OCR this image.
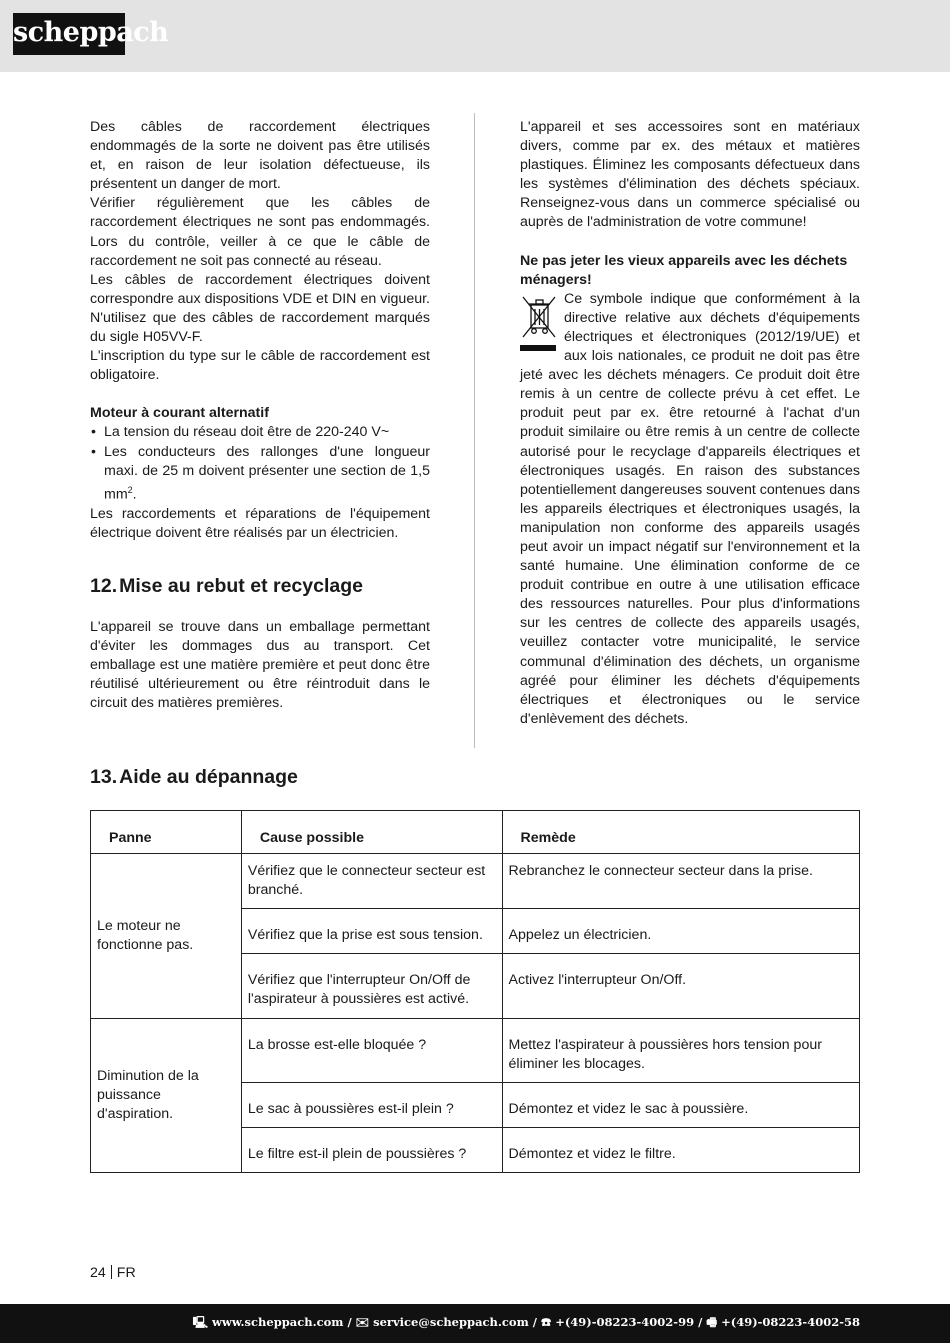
scheppach

Des câbles de raccordement électriques endommagés de la sorte ne doivent pas être utilisés et, en raison de leur isolation défectueuse, ils présentent un danger de mort.

Vérifier régulièrement que les câbles de raccordement électriques ne sont pas endommagés. Lors du contrôle, veiller à ce que le câble de raccordement ne soit pas connecté au réseau.

Les câbles de raccordement électriques doivent correspondre aux dispositions VDE et DIN en vigueur. N'utilisez que des câbles de raccordement marqués du sigle H05VV-F.

L'inscription du type sur le câble de raccordement est obligatoire.

Moteur à courant alternatif

• La tension du réseau doit être de 220-240 V~
• Les conducteurs des rallonges d'une longueur maxi. de 25 m doivent présenter une section de 1,5 $mm^2$.

Les raccordements et réparations de l'équipement électrique doivent être réalisés par un électricien.

12. Mise au rebut et recyclage

L'appareil se trouve dans un emballage permettant d'éviter les dommages dus au transport. Cet emballage est une matière première et peut donc être réutilisé ultérieurement ou être réintroduit dans le circuit des matières premières.

L'appareil et ses accessoires sont en matériaux divers, comme par ex. des métaux et matières plastiques. Éliminez les composants défectueux dans les systèmes d'élimination des déchets spéciaux. Renseignez-vous dans un commerce spécialisé ou auprès de l'administration de votre commune!

Ne pas jeter les vieux appareils avec les déchets ménagers!

Ce symbole indique que conformément à la directive relative aux déchets d'équipements électriques et électroniques (2012/19/UE) et aux lois nationales, ce produit ne doit pas être jeté avec les déchets ménagers. Ce produit doit être remis à un centre de collecte prévu à cet effet. Le produit peut par ex. être retourné à l'achat d'un produit similaire ou être remis à un centre de collecte autorisé pour le recyclage d'appareils électriques et électroniques usagés. En raison des substances potentiellement dangereuses souvent contenues dans les appareils électriques et électroniques usagés, la manipulation non conforme des appareils usagés peut avoir un impact négatif sur l'environnement et la santé humaine. Une élimination conforme de ce produit contribue en outre à une utilisation efficace des ressources naturelles. Pour plus d'informations sur les centres de collecte des appareils usagés, veuillez contacter votre municipalité, le service communal d'élimination des déchets, un organisme agréé pour éliminer les déchets d'équipements électriques et électroniques ou le service d'enlèvement des déchets.

13. Aide au dépannage
Panne	Cause possible	Remède
Le moteur ne fonctionne pas.	Vérifiez que le connecteur secteur est branché.	Rebranchez le connecteur secteur dans la prise.
	Vérifiez que la prise est sous tension.	Appelez un électricien.
	Vérifiez que l'interrupteur On/Off de l'aspirateur à poussières est activé.	Activez l'interrupteur On/Off.
Diminution de la puissance d'aspiration.	La brosse est-elle bloquée ?	Mettez l'aspirateur à poussières hors tension pour éliminer les blocages.
	Le sac à poussières est-il plein ?	Démontez et videz le sac à poussière.
	Le filtre est-il plein de poussières ?	Démontez et videz le filtre.
24 FR
🖳 www.scheppach.com / ✉ service@scheppach.com / ☎ +(49)-08223-4002-99 / 🖷 +(49)-08223-4002-58
